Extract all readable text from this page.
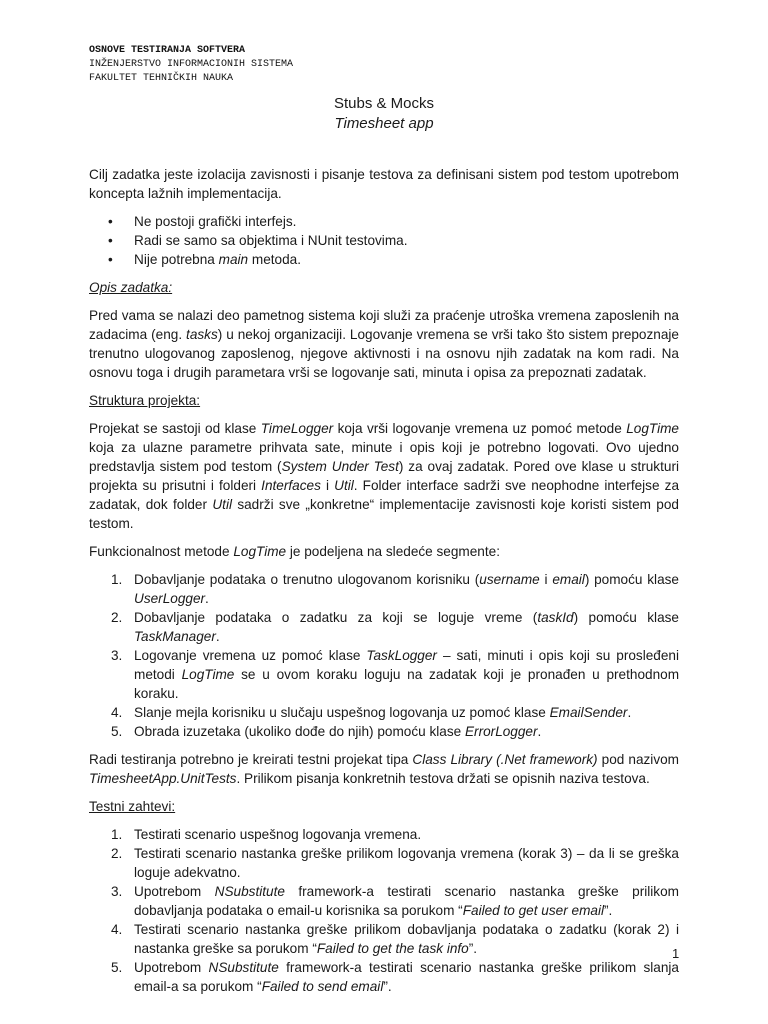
OSNOVE TESTIRANJA SOFTVERA
INŽENJERSTVO INFORMACIONIH SISTEMA
FAKULTET TEHNIČKIH NAUKA
Stubs & Mocks
Timesheet app

Cilj zadatka jeste izolacija zavisnosti i pisanje testova za definisani sistem pod testom upotrebom koncepta lažnih implementacija.

• Ne postoji grafički interfejs.
• Radi se samo sa objektima i NUnit testovima.
• Nije potrebna main metoda.
Opis zadatka:

Pred vama se nalazi deo pametnog sistema koji služi za praćenje utroška vremena zaposlenih na zadacima (eng. tasks) u nekoj organizaciji. Logovanje vremena se vrši tako što sistem prepoznaje trenutno ulogovanog zaposlenog, njegove aktivnosti i na osnovu njih zadatak na kom radi. Na osnovu toga i drugih parametara vrši se logovanje sati, minuta i opisa za prepoznati zadatak.

Struktura projekta:

Projekat se sastoji od klase TimeLogger koja vrši logovanje vremena uz pomoć metode LogTime koja za ulazne parametre prihvata sate, minute i opis koji je potrebno logovati. Ovo ujedno predstavlja sistem pod testom (System Under Test) za ovaj zadatak. Pored ove klase u strukturi projekta su prisutni i folderi Interfaces i Util. Folder interface sadrži sve neophodne interfejse za zadatak, dok folder Util sadrži sve „konkretne“ implementacije zavisnosti koje koristi sistem pod testom.

Funkcionalnost metode LogTime je podeljena na sledeće segmente:

1. Dobavljanje podataka o trenutno ulogovanom korisniku (username i email) pomoću klase UserLogger.
2. Dobavljanje podataka o zadatku za koji se loguje vreme (taskId) pomoću klase TaskManager.
3. Logovanje vremena uz pomoć klase TaskLogger – sati, minuti i opis koji su prosleđeni metodi LogTime se u ovom koraku loguju na zadatak koji je pronađen u prethodnom koraku.
4. Slanje mejla korisniku u slučaju uspešnog logovanja uz pomoć klase EmailSender.
5. Obrada izuzetaka (ukoliko dođe do njih) pomoću klase ErrorLogger.

Radi testiranja potrebno je kreirati testni projekat tipa Class Library (.Net framework) pod nazivom TimesheetApp.UnitTests. Prilikom pisanja konkretnih testova držati se opisnih naziva testova.

Testni zahtevi:
1. Testirati scenario uspešnog logovanja vremena.
2. Testirati scenario nastanka greške prilikom logovanja vremena (korak 3) – da li se greška loguje adekvatno.
3. Upotrebom NSubstitute framework-a testirati scenario nastanka greške prilikom dobavljanja podataka o email-u korisnika sa porukom “Failed to get user email”.
4. Testirati scenario nastanka greške prilikom dobavljanja podataka o zadatku (korak 2) i nastanka greške sa porukom “Failed to get the task info”.
5. Upotrebom NSubstitute framework-a testirati scenario nastanka greške prilikom slanja email-a sa porukom “Failed to send email”.
1
